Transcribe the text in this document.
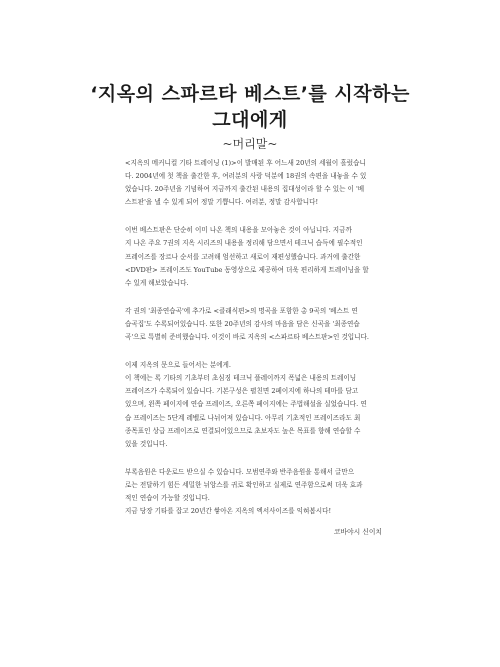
‘지옥의 스파르타 베스트’를 시작하는
그대에게
~머리말~
<지옥의 메커니컬 기타 트레이닝 (1)>이 발매된 후 어느새 20년의 세월이 흘렀습니
다. 2004년에 첫 책을 출간한 후, 여러분의 사랑 덕분에 18권의 속편을 내놓을 수 있
었습니다. 20주년을 기념하여 지금까지 출간된 내용의 집대성이라 할 수 있는 이 '베
스트판'을 낼 수 있게 되어 정말 기쁩니다. 여러분, 정말 감사합니다!
이번 베스트판은 단순히 이미 나온 책의 내용을 모아놓은 것이 아닙니다. 지금까
지 나온 주요 7권의 지옥 시리즈의 내용을 정리해 담으면서 테크닉 습득에 필수적인
프레이즈를 장르나 순서를 고려해 엄선하고 새로이 재편성했습니다. 과거에 출간한
<DVD판> 프레이즈도 YouTube 동영상으로 제공하여 더욱 편리하게 트레이닝을 할
수 있게 해보았습니다.
각 권의 '최종연습곡'에 추가로 <클래식편>의 명곡을 포함한 총 9곡의 '베스트 연
습곡집'도 수록되어있습니다. 또한 20주년의 감사의 마음을 담은 신곡을 '최종연습
곡'으로 특별히 준비했습니다. 이것이 바로 지옥의 <스파르타 베스트판>인 것입니다.
이제 지옥의 문으로 들어서는 분에게.
이 책에는 록 기타의 기초부터 초심징 테크닉 플레이까지 폭넓은 내용의 트레이닝
프레이즈가 수록되어 있습니다. 기본구성은 펼친면 2페이지에 하나의 테마를 담고
있으며, 왼쪽 페이지에 연습 프레이즈, 오른쪽 페이지에는 주법해설을 실었습니다. 연
습 프레이즈는 5단계 레벨로 나뉘어져 있습니다. 아무리 기초적인 프레이즈라도 최
종목표인 상급 프레이즈로 연결되어있으므로 초보자도 높은 목표를 향해 연습할 수
있을 것입니다.
부록음원은 다운로드 받으실 수 있습니다. 모범연주와 반주음원을 통해서 글만으
로는 전달하기 힘든 세밀한 뉘앙스를 귀로 확인하고 실제로 연주함으로써 더욱 효과
적인 연습이 가능할 것입니다.
지금 당장 기타를 잡고 20년간 쌓아온 지옥의 엑서사이즈를 익혀봅시다!
코바야시 신이치
